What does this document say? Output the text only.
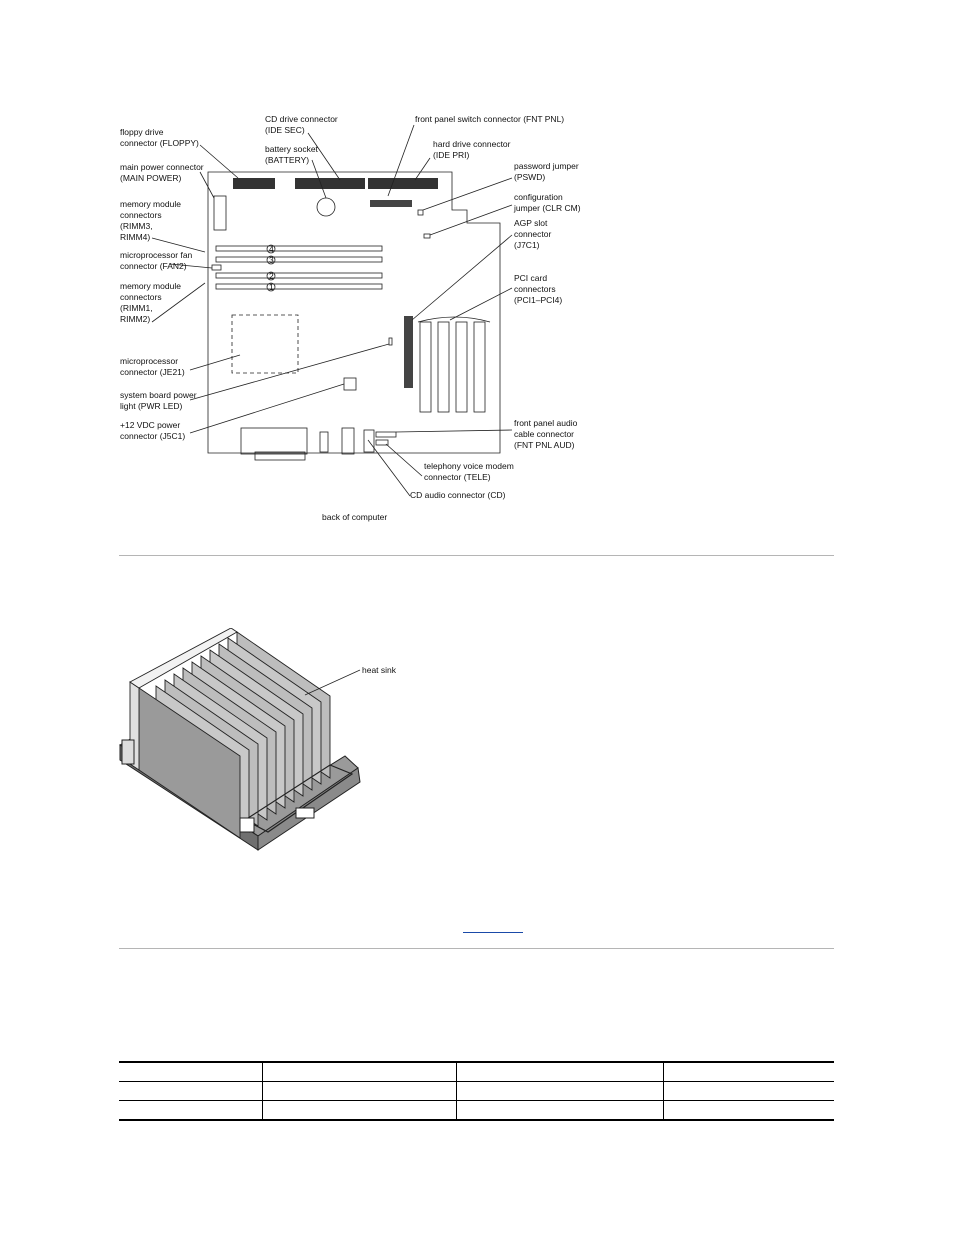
4
3
2
1
floppy drive
connector (FLOPPY)
main power connector
(MAIN POWER)
memory module
connectors
(RIMM3,
RIMM4)
microprocessor fan
connector (FAN2)
memory module
connectors
(RIMM1,
RIMM2)
microprocessor
connector (JE21)
system board power
light (PWR LED)
+12 VDC power
connector (J5C1)
CD drive connector
(IDE SEC)
battery socket
(BATTERY)
front panel switch connector (FNT PNL)
hard drive connector
(IDE PRI)
password jumper
(PSWD)
configuration
jumper (CLR CM)
AGP slot
connector
(J7C1)
PCI card
connectors
(PCI1–PCI4)
front panel audio
cable connector
(FNT PNL AUD)
telephony voice modem
connector (TELE)
CD audio connector (CD)
back of computer
heat sink
